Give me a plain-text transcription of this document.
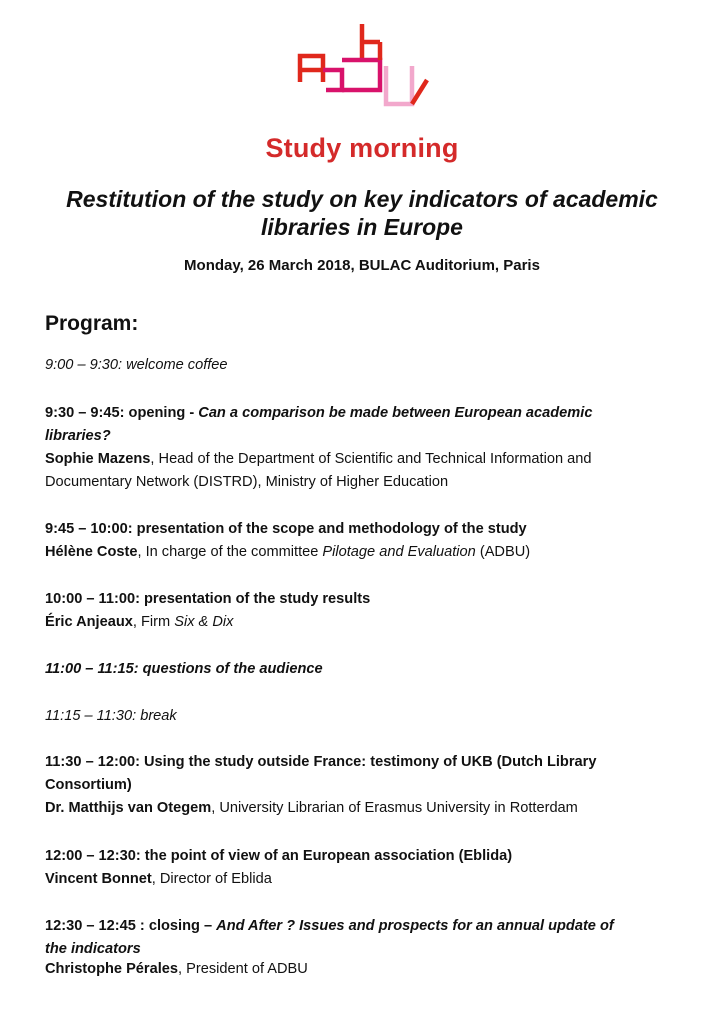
Study morning
Restitution of the study on key indicators of academic
libraries in Europe
Monday, 26 March 2018, BULAC Auditorium, Paris
Program:
9:00 – 9:30: welcome coffee
9:30 – 9:45: opening - Can a comparison be made between European academic
libraries?
Sophie Mazens, Head of the Department of Scientific and Technical Information and
Documentary Network (DISTRD), Ministry of Higher Education
9:45 – 10:00: presentation of the scope and methodology of the study
Hélène Coste, In charge of the committee Pilotage and Evaluation (ADBU)
10:00 – 11:00: presentation of the study results
Éric Anjeaux, Firm Six & Dix
11:00 – 11:15: questions of the audience
11:15 – 11:30: break
11:30 – 12:00: Using the study outside France: testimony of UKB (Dutch Library
Consortium)
Dr. Matthijs van Otegem, University Librarian of Erasmus University in Rotterdam
12:00 – 12:30: the point of view of an European association (Eblida)
Vincent Bonnet, Director of Eblida
12:30 – 12:45 : closing – And After ? Issues and prospects for an annual update of
the indicators
Christophe Pérales, President of ADBU
